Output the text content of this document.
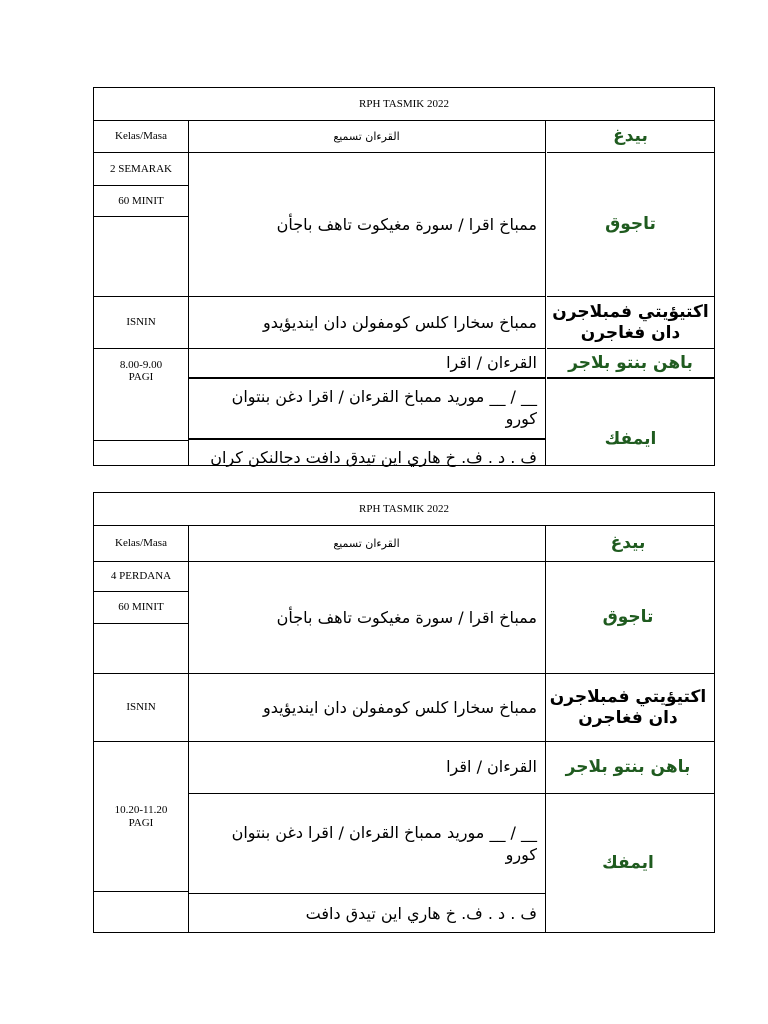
RPH TASMIK 2022
Kelas/Masa
2 SEMARAK
60 MINIT
ISNIN
8.00-9.00
PAGI
القرءان تسميع
ممباخ اقرا / سورة مغيكوت تاهف باجأن
ممباخ سخارا كلس كومفولن دان اينديؤيدو
القرءان / اقرا
__ / __ موريد ممباخ القرءان / اقرا دغن بنتوان كورو
ف . د . ف. خ هاري اين تيدق دافت دجالنكن كران
بيدغ
تاجوق
اكتيؤيتي فمبلاجرن دان فغاجرن
باهن بنتو بلاجر
ايمفك
RPH TASMIK 2022
Kelas/Masa
4 PERDANA
60 MINIT
ISNIN
10.20-11.20
PAGI
القرءان تسميع
ممباخ اقرا / سورة مغيكوت تاهف باجأن
ممباخ سخارا كلس كومفولن دان اينديؤيدو
القرءان / اقرا
__ / __ موريد ممباخ القرءان / اقرا دغن بنتوان كورو
ف . د . ف. خ هاري اين تيدق دافت
بيدغ
تاجوق
اكتيؤيتي فمبلاجرن دان فغاجرن
باهن بنتو بلاجر
ايمفك
